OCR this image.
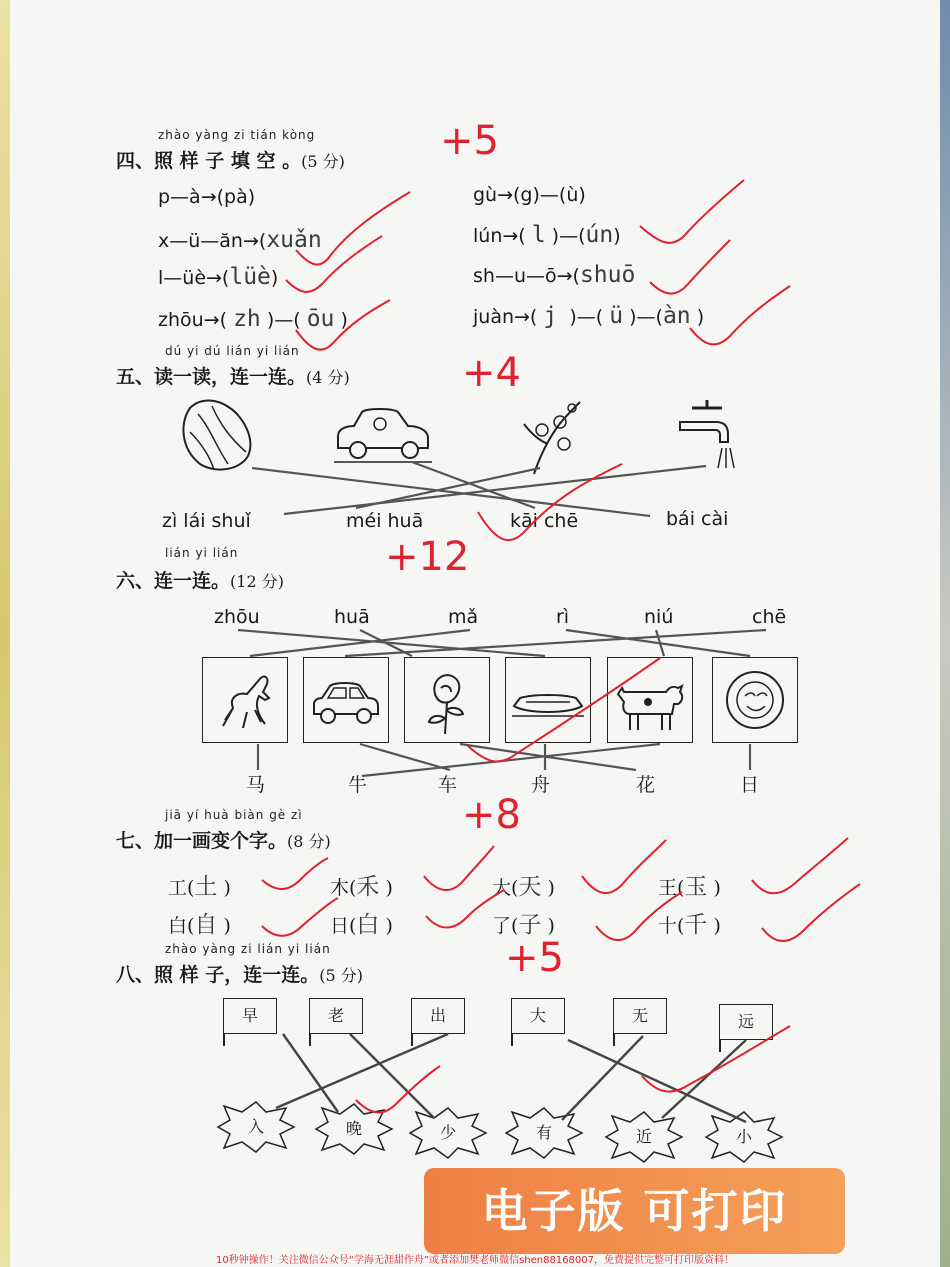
zhào yàng zi tián kòng
四、照 样 子 填 空 。(5 分) +5
p—à→(pà)	gù→(g)—(ù)
x—ü—ăn→(xuǎn	lún→( l )—(ún)
l—üè→(lüè)	sh—u—ō→(shuō
zhōu→( zh )—( ōu )	juàn→( j )—( ü )—(àn )
dú yi dú lián yi lián
五、读一读，连一连。(4 分)	+4
zì lái shuǐ	méi huā	kāi chē	bái cài
lián yi lián
六、连一连。(12 分)
+12
zhōu	huā	mǎ	rì	niú	chē
马	牛	车	舟	花	日
jiā yí huà biàn gè zì
七、加一画变个字。(8 分)
+8
工(土 )	木(禾 )	大(天 )	王(玉 )
白(自 )	日(白 )	了(子 )	十(千 )
zhào yàng zi lián yi lián
八、照 样 子，连一连。(5 分)	+5
早	老	出	大	无	远
入	晚	少	有	近	小
电子版 可打印
10秒钟操作！关注微信公众号“学海无涯甜作舟”或者添加樊老师微信shen88168007，免费提供完整可打印版资料！
